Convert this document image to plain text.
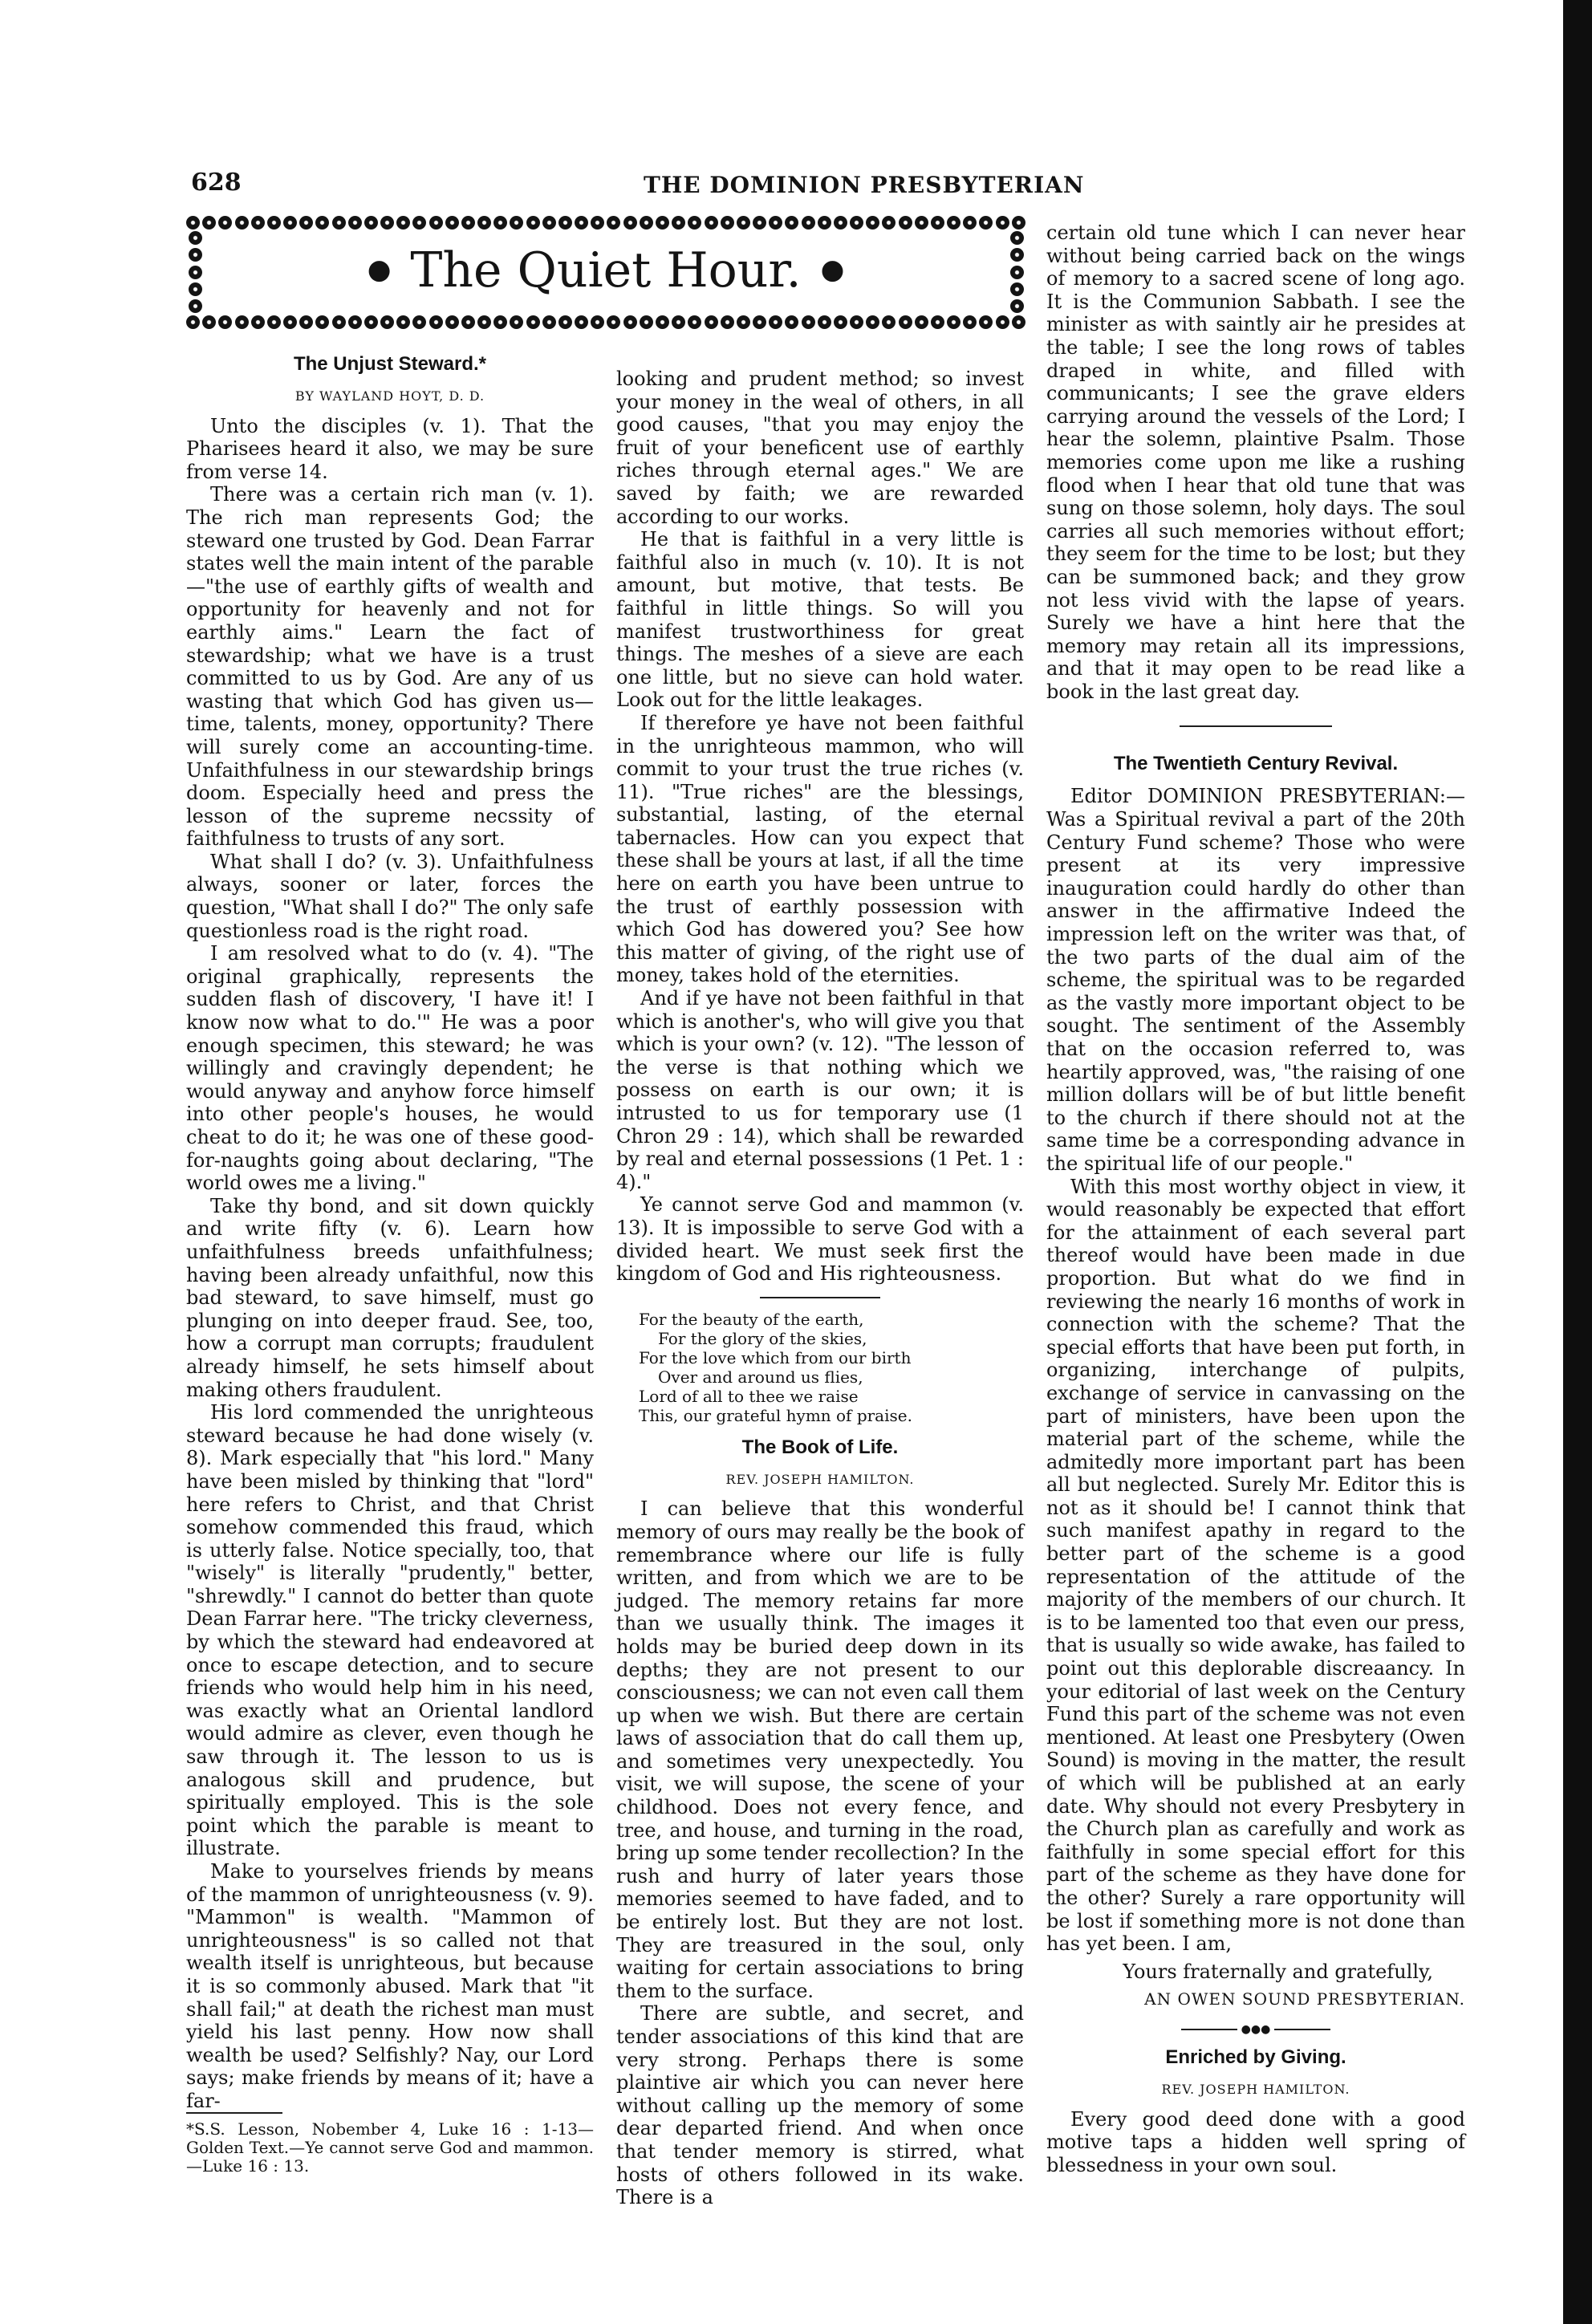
628	THE DOMINION PRESBYTERIAN
● The Quiet Hour. ●
The Unjust Steward.*
BY WAYLAND HOYT, D. D.

Unto the disciples (v. 1). That the Pharisees heard it also, we may be sure from verse 14.

There was a certain rich man (v. 1). The rich man represents God; the steward one trusted by God. Dean Farrar states well the main intent of the parable—"the use of earthly gifts of wealth and opportunity for heavenly and not for earthly aims." Learn the fact of stewardship; what we have is a trust committed to us by God. Are any of us wasting that which God has given us—time, talents, money, opportunity? There will surely come an accounting-time. Unfaithfulness in our stewardship brings doom. Especially heed and press the lesson of the supreme necssity of faithfulness to trusts of any sort.

What shall I do? (v. 3). Unfaithfulness always, sooner or later, forces the question, "What shall I do?" The only safe questionless road is the right road.

I am resolved what to do (v. 4). "The original graphically, represents the sudden flash of discovery, 'I have it! I know now what to do.'" He was a poor enough specimen, this steward; he was willingly and cravingly dependent; he would anyway and anyhow force himself into other people's houses, he would cheat to do it; he was one of these good-for-naughts going about declaring, "The world owes me a living."

Take thy bond, and sit down quickly and write fifty (v. 6). Learn how unfaithfulness breeds unfaithfulness; having been already unfaithful, now this bad steward, to save himself, must go plunging on into deeper fraud. See, too, how a corrupt man corrupts; fraudulent already himself, he sets himself about making others fraudulent.

His lord commended the unrighteous steward because he had done wisely (v. 8). Mark especially that "his lord." Many have been misled by thinking that "lord" here refers to Christ, and that Christ somehow commended this fraud, which is utterly false. Notice specially, too, that "wisely" is literally "prudently," better, "shrewdly." I cannot do better than quote Dean Farrar here. "The tricky cleverness, by which the steward had endeavored at once to escape detection, and to secure friends who would help him in his need, was exactly what an Oriental landlord would admire as clever, even though he saw through it. The lesson to us is analogous skill and prudence, but spiritually employed. This is the sole point which the parable is meant to illustrate.

Make to yourselves friends by means of the mammon of unrighteousness (v. 9). "Mammon" is wealth. "Mammon of unrighteousness" is so called not that wealth itself is unrighteous, but because it is so commonly abused. Mark that "it shall fail;" at death the richest man must yield his last penny. How now shall wealth be used? Selfishly? Nay, our Lord says; make friends by means of it; have a far-

*S.S. Lesson, Nobember 4, Luke 16 : 1-13—Golden Text.—Ye cannot serve God and mammon.—Luke 16 : 13.

looking and prudent method; so invest your money in the weal of others, in all good causes, "that you may enjoy the fruit of your beneficent use of earthly riches through eternal ages." We are saved by faith; we are rewarded according to our works.

He that is faithful in a very little is faithful also in much (v. 10). It is not amount, but motive, that tests. Be faithful in little things. So will you manifest trustworthiness for great things. The meshes of a sieve are each one little, but no sieve can hold water. Look out for the little leakages.

If therefore ye have not been faithful in the unrighteous mammon, who will commit to your trust the true riches (v. 11). "True riches" are the blessings, substantial, lasting, of the eternal tabernacles. How can you expect that these shall be yours at last, if all the time here on earth you have been untrue to the trust of earthly possession with which God has dowered you? See how this matter of giving, of the right use of money, takes hold of the eternities.

And if ye have not been faithful in that which is another's, who will give you that which is your own? (v. 12). "The lesson of the verse is that nothing which we possess on earth is our own; it is intrusted to us for temporary use (1 Chron 29 : 14), which shall be rewarded by real and eternal possessions (1 Pet. 1 : 4)."

Ye cannot serve God and mammon (v. 13). It is impossible to serve God with a divided heart. We must seek first the kingdom of God and His righteousness.

For the beauty of the earth,
For the glory of the skies,
For the love which from our birth
Over and around us flies,
Lord of all to thee we raise
This, our grateful hymn of praise.
The Book of Life.
REV. JOSEPH HAMILTON.

I can believe that this wonderful memory of ours may really be the book of remembrance where our life is fully written, and from which we are to be judged. The memory retains far more than we usually think. The images it holds may be buried deep down in its depths; they are not present to our consciousness; we can not even call them up when we wish. But there are certain laws of association that do call them up, and sometimes very unexpectedly. You visit, we will supose, the scene of your childhood. Does not every fence, and tree, and house, and turning in the road, bring up some tender recollection? In the rush and hurry of later years those memories seemed to have faded, and to be entirely lost. But they are not lost. They are treasured in the soul, only waiting for certain associations to bring them to the surface.

There are subtle, and secret, and tender associations of this kind that are very strong. Perhaps there is some plaintive air which you can never here without calling up the memory of some dear departed friend. And when once that tender memory is stirred, what hosts of others followed in its wake. There is a

certain old tune which I can never hear without being carried back on the wings of memory to a sacred scene of long ago. It is the Communion Sabbath. I see the minister as with saintly air he presides at the table; I see the long rows of tables draped in white, and filled with communicants; I see the grave elders carrying around the vessels of the Lord; I hear the solemn, plaintive Psalm. Those memories come upon me like a rushing flood when I hear that old tune that was sung on those solemn, holy days. The soul carries all such memories without effort; they seem for the time to be lost; but they can be summoned back; and they grow not less vivid with the lapse of years. Surely we have a hint here that the memory may retain all its impressions, and that it may open to be read like a book in the last great day.

The Twentieth Century Revival.

Editor DOMINION PRESBYTERIAN:—Was a Spiritual revival a part of the 20th Century Fund scheme? Those who were present at its very impressive inauguration could hardly do other than answer in the affirmative Indeed the impression left on the writer was that, of the two parts of the dual aim of the scheme, the spiritual was to be regarded as the vastly more important object to be sought. The sentiment of the Assembly that on the occasion referred to, was heartily approved, was, "the raising of one million dollars will be of but little benefit to the church if there should not at the same time be a corresponding advance in the spiritual life of our people."

With this most worthy object in view, it would reasonably be expected that effort for the attainment of each several part thereof would have been made in due proportion. But what do we find in reviewing the nearly 16 months of work in connection with the scheme? That the special efforts that have been put forth, in organizing, interchange of pulpits, exchange of service in canvassing on the part of ministers, have been upon the material part of the scheme, while the admitedly more important part has been all but neglected. Surely Mr. Editor this is not as it should be! I cannot think that such manifest apathy in regard to the better part of the scheme is a good representation of the attitude of the majority of the members of our church. It is to be lamented too that even our press, that is usually so wide awake, has failed to point out this deplorable discreaancy. In your editorial of last week on the Century Fund this part of the scheme was not even mentioned. At least one Presbytery (Owen Sound) is moving in the matter, the result of which will be published at an early date. Why should not every Presbytery in the Church plan as carefully and work as faithfully in some special effort for this part of the scheme as they have done for the other? Surely a rare opportunity will be lost if something more is not done than has yet been. I am,

Yours fraternally and gratefully,
AN OWEN SOUND PRESBYTERIAN.
●●●
Enriched by Giving.
REV. JOSEPH HAMILTON.

Every good deed done with a good motive taps a hidden well spring of blessedness in your own soul.
